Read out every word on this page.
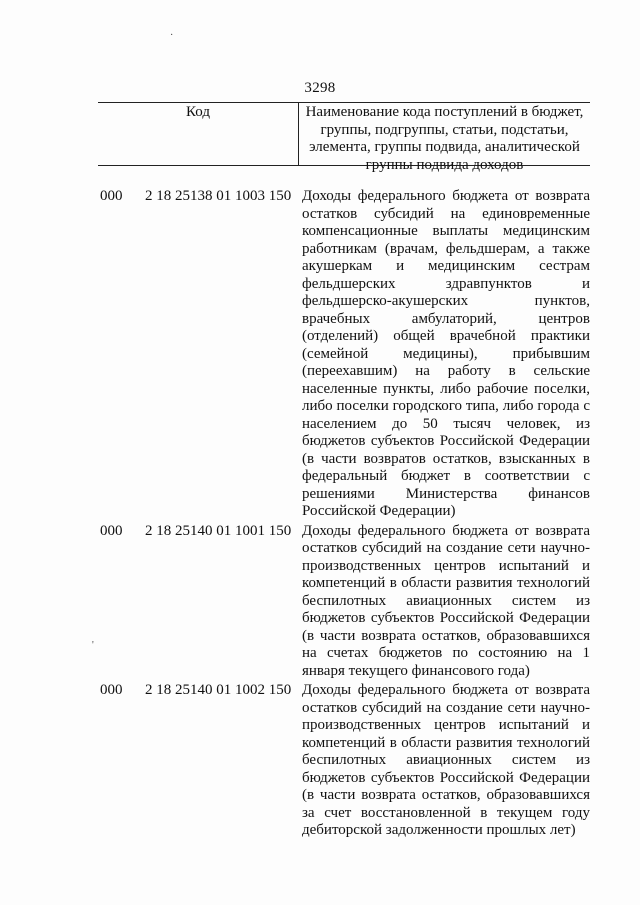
·
'
3298
Код	Наименование кода поступлений в бюджет, группы, подгруппы, статьи, подстатьи, элемента, группы подвида, аналитической группы подвида доходов
000	2 18 25138 01 1003 150 Доходы федерального бюджета от возврата остатков субсидий на единовременные компенсационные выплаты медицинским работникам (врачам, фельдшерам, а также акушеркам и медицинским сестрам фельдшерских здравпунктов и фельдшерско-акушерских пунктов, врачебных амбулаторий, центров (отделений) общей врачебной практики (семейной медицины), прибывшим (переехавшим) на работу в сельские населенные пункты, либо рабочие поселки, либо поселки городского типа, либо города с населением до 50 тысяч человек, из бюджетов субъектов Российской Федерации (в части возвратов остатков, взысканных в федеральный бюджет в соответствии с решениями Министерства финансов Российской Федерации)
000	2 18 25140 01 1001 150 Доходы федерального бюджета от возврата остатков субсидий на создание сети научно-производственных центров испытаний и компетенций в области развития технологий беспилотных авиационных систем из бюджетов субъектов Российской Федерации (в части возврата остатков, образовавшихся на счетах бюджетов по состоянию на 1 января текущего финансового года)
000	2 18 25140 01 1002 150 Доходы федерального бюджета от возврата остатков субсидий на создание сети научно-производственных центров испытаний и компетенций в области развития технологий беспилотных авиационных систем из бюджетов субъектов Российской Федерации (в части возврата остатков, образовавшихся за счет восстановленной в текущем году дебиторской задолженности прошлых лет)
